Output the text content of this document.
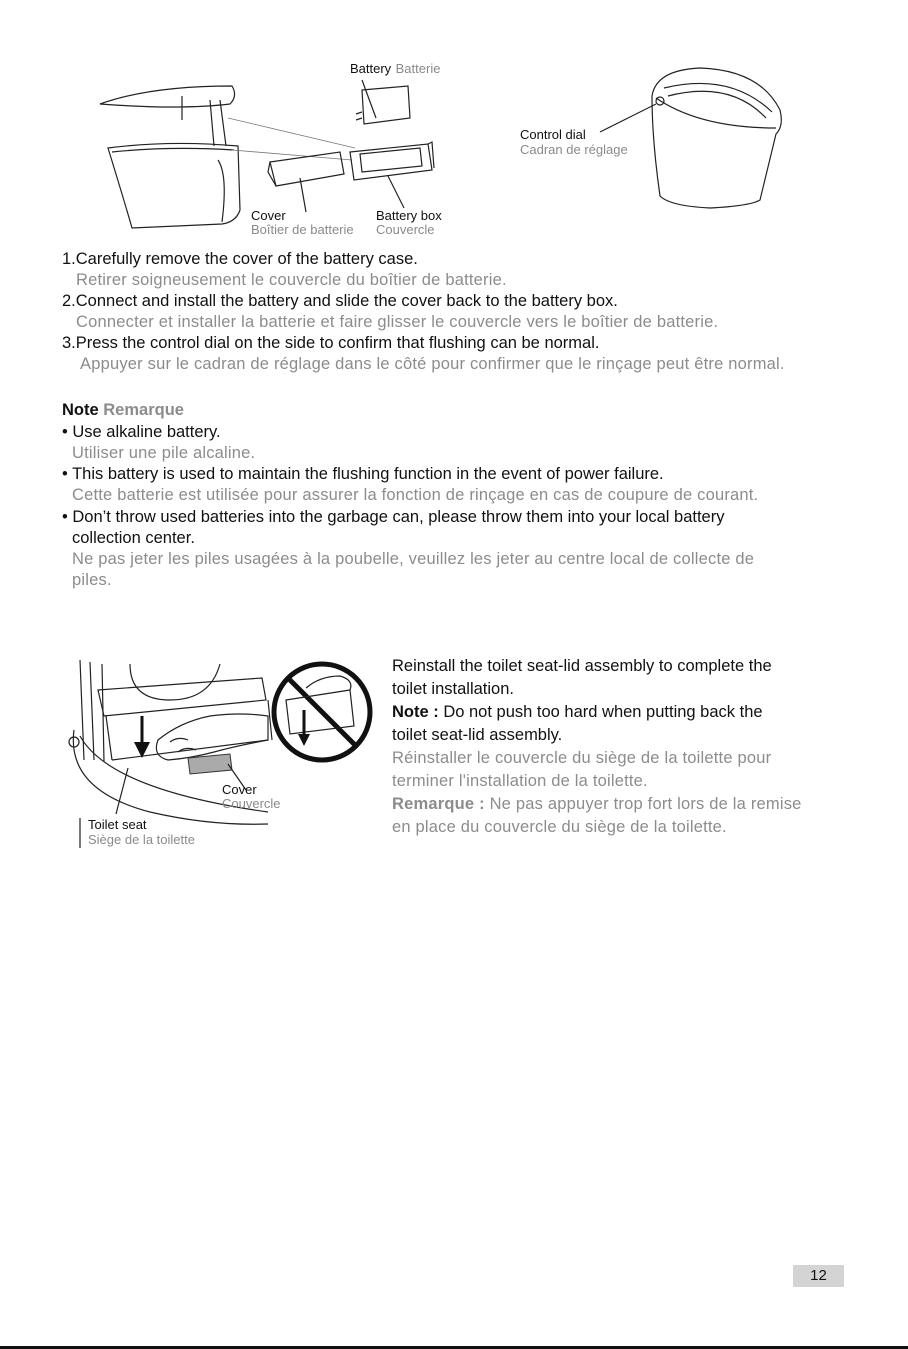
Battery Batterie
Cover
Boîtier de batterie
Battery box
Couvercle
Control dial
Cadran de réglage
1.Carefully remove the cover of the battery case.
Retirer soigneusement le couvercle du boîtier de batterie.
2.Connect and install the battery and slide the cover back to the battery box.
Connecter et installer la batterie et faire glisser le couvercle vers le boîtier de batterie.
3.Press the control dial on the side to confirm that flushing can be normal.
Appuyer sur le cadran de réglage dans le côté pour confirmer que le rinçage peut être normal.
Note Remarque
• Use alkaline battery.
Utiliser une pile alcaline.
• This battery is used to maintain the flushing function in the event of power failure.
Cette batterie est utilisée pour assurer la fonction de rinçage en cas de coupure de courant.
• Don’t throw used batteries into the garbage can, please throw them into your local battery
collection center.
Ne pas jeter les piles usagées à la poubelle, veuillez les jeter au centre local de collecte de
piles.
Cover
Couvercle
Toilet seat
Siège de la toilette
Reinstall the toilet seat-lid assembly to complete the
toilet installation.
Note : Do not push too hard when putting back the
toilet seat-lid assembly.
Réinstaller le couvercle du siège de la toilette pour
terminer l'installation de la toilette.
Remarque : Ne pas appuyer trop fort lors de la remise
en place du couvercle du siège de la toilette.
12
